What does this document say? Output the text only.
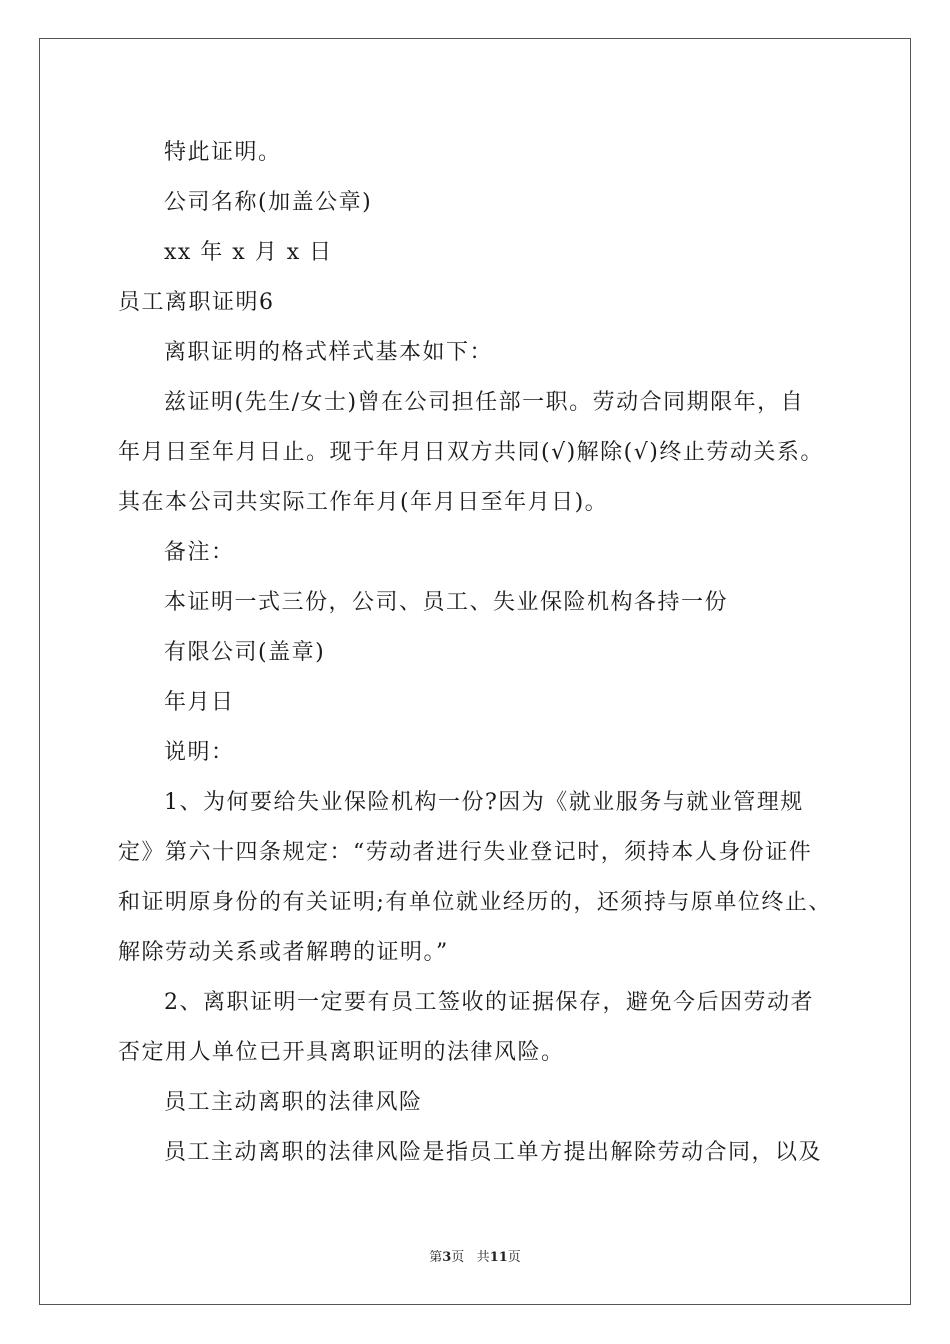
特此证明。
公司名称(加盖公章)
xx 年 x 月 x 日
员工离职证明6
离职证明的格式样式基本如下：
兹证明(先生/女士)曾在公司担任部一职。劳动合同期限年，自
年月日至年月日止。现于年月日双方共同(√)解除(√)终止劳动关系。
其在本公司共实际工作年月(年月日至年月日)。
备注：
本证明一式三份，公司、员工、失业保险机构各持一份
有限公司(盖章)
年月日
说明：
1、为何要给失业保险机构一份?因为《就业服务与就业管理规
定》第六十四条规定：“劳动者进行失业登记时，须持本人身份证件
和证明原身份的有关证明;有单位就业经历的，还须持与原单位终止、
解除劳动关系或者解聘的证明。”
2、离职证明一定要有员工签收的证据保存，避免今后因劳动者
否定用人单位已开具离职证明的法律风险。
员工主动离职的法律风险
员工主动离职的法律风险是指员工单方提出解除劳动合同，以及
第3页 共11页
